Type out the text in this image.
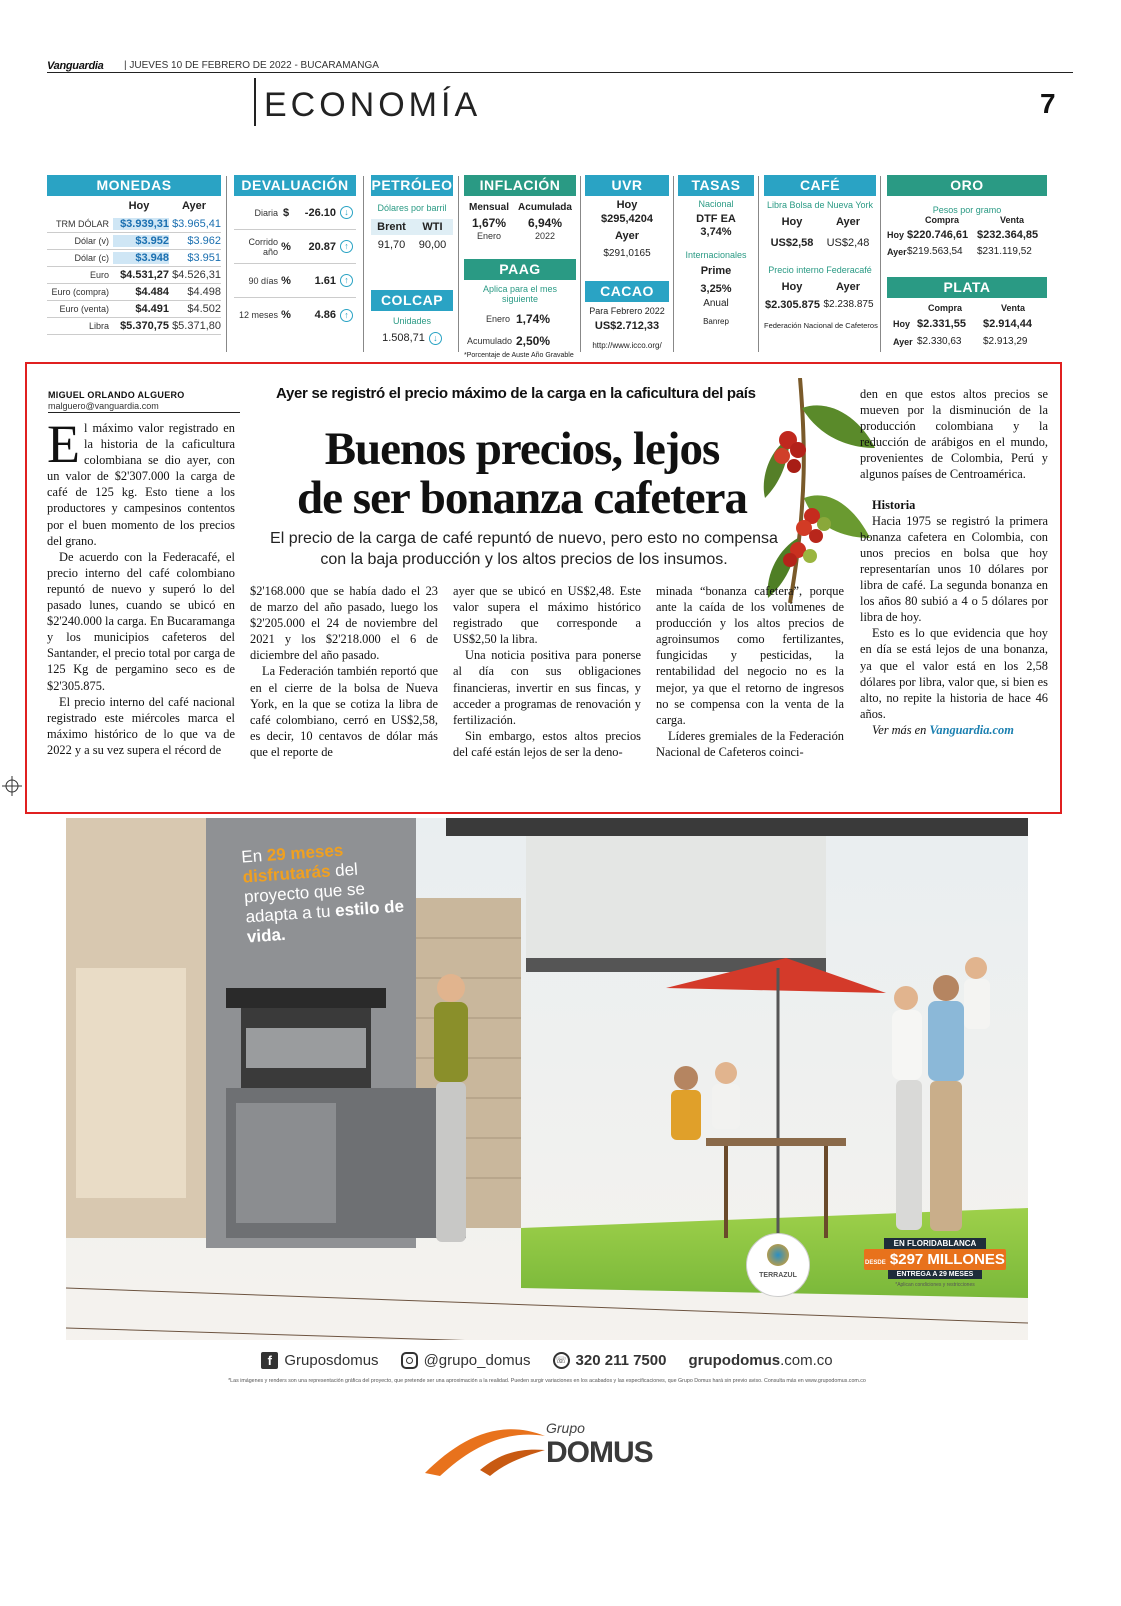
Vanguardia | JUEVES 10 DE FEBRERO DE 2022 - BUCARAMANGA
ECONOMÍA	7
MONEDAS
Hoy	Ayer
TRM DÓLAR	$3.939,31 $3.965,41
Dólar (v)	$3.952	$3.962
Dólar (c)	$3.948	$3.951
Euro	$4.531,27 $4.526,31
Euro (compra)	$4.484	$4.498
Euro (venta)	$4.491	$4.502
Libra	$5.370,75 $5.371,80
DEVALUACIÓN
Diaria $	-26.10 ↓
Corrido año %	20.87 ↑
90 días %	1.61 ↑
12 meses %	4.86 ↑
PETRÓLEO
Dólares por barril
Brent	WTI
91,70	90,00
COLCAP
Unidades
1.508,71 ↓
INFLACIÓN
Mensual Acumulada
1,67%	6,94%
Enero	2022
PAAG
Aplica para el mes siguiente
Enero 1,74%
Acumulado 2,50%
*Porcentaje de Auste Año Gravable
UVR
Hoy
$295,4204
Ayer
$291,0165
CACAO
Para Febrero 2022
US$2.712,33
http://www.icco.org/
TASAS
Nacional
DTF EA
3,74%
Internacionales
Prime
3,25%
Anual
Banrep
CAFÉ
Libra Bolsa de Nueva York
Hoy	Ayer
US$2,58	US$2,48
Precio interno Federacafé
Hoy	Ayer
$2.305.875 $2.238.875
Federación Nacional de Cafeteros
ORO
Pesos por gramo
Compra	Venta
Hoy $220.746,61 $232.364,85
Ayer $219.563,54	$231.119,52
PLATA
Compra	Venta
Hoy $2.331,55	$2.914,44
Ayer $2.330,63	$2.913,29
MIGUEL ORLANDO ALGUERO
malguero@vanguardia.com
Ayer se registró el precio máximo de la carga en la caficultura del país
Buenos precios, lejos
de ser bonanza cafetera
El precio de la carga de café repuntó de nuevo, pero esto no compensa con la baja producción y los altos precios de los insumos.

El máximo valor registrado en la historia de la caficultura colombiana se dio ayer, con un valor de $2'307.000 la carga de café de 125 kg. Esto tiene a los productores y campesinos contentos por el buen momento de los precios del grano.

De acuerdo con la Federacafé, el precio interno del café colombiano repuntó de nuevo y superó lo del pasado lunes, cuando se ubicó en $2'240.000 la carga. En Bucaramanga y los municipios cafeteros del Santander, el precio total por carga de 125 Kg de pergamino seco es de $2'305.875.

El precio interno del café nacional registrado este miércoles marca el máximo histórico de lo que va de 2022 y a su vez supera el récord de

$2'168.000 que se había dado el 23 de marzo del año pasado, luego los $2'205.000 el 24 de noviembre del 2021 y los $2'218.000 el 6 de diciembre del año pasado.

La Federación también reportó que en el cierre de la bolsa de Nueva York, en la que se cotiza la libra de café colombiano, cerró en US$2,58, es decir, 10 centavos de dólar más que el reporte de

ayer que se ubicó en US$2,48. Este valor supera el máximo histórico registrado que corresponde a US$2,50 la libra.

Una noticia positiva para ponerse al día con sus obligaciones financieras, invertir en sus fincas, y acceder a programas de renovación y fertilización.

Sin embargo, estos altos precios del café están lejos de ser la deno-

minada “bonanza cafetera”, porque ante la caída de los volúmenes de producción y los altos precios de agroinsumos como fertilizantes, fungicidas y pesticidas, la rentabilidad del negocio no es la mejor, ya que el retorno de ingresos no se compensa con la venta de la carga.

Líderes gremiales de la Federación Nacional de Cafeteros coinci-

den en que estos altos precios se mueven por la disminución de la producción colombiana y la reducción de arábigos en el mundo, provenientes de Colombia, Perú y algunos países de Centroamérica.

Historia

Hacia 1975 se registró la primera bonanza cafetera en Colombia, con unos precios en bolsa que hoy representarían unos 10 dólares por libra de café. La segunda bonanza en los años 80 subió a 4 o 5 dólares por libra de hoy.

Esto es lo que evidencia que hoy en día se está lejos de una bonanza, ya que el valor está en los 2,58 dólares por libra, valor que, si bien es alto, no repite la historia de hace 46 años.

Ver más en Vanguardia.com

En 29 meses disfrutarás del proyecto que se adapta a tu estilo de vida.
TERRAZUL
EN FLORIDABLANCA
DESDE $297 MILLONES
ENTREGA A 29 MESES
*Aplican condiciones y restricciones
f Gruposdomus	@grupo_domus	☏ 320 211 7500 grupodomus.com.co
*Las imágenes y renders son una representación gráfica del proyecto, que pretende ser una aproximación a la realidad. Pueden surgir variaciones en los acabados y las especificaciones, que Grupo Domus hará sin previo aviso. Consulta más en www.grupodomus.com.co
Grupo
DOMUS
